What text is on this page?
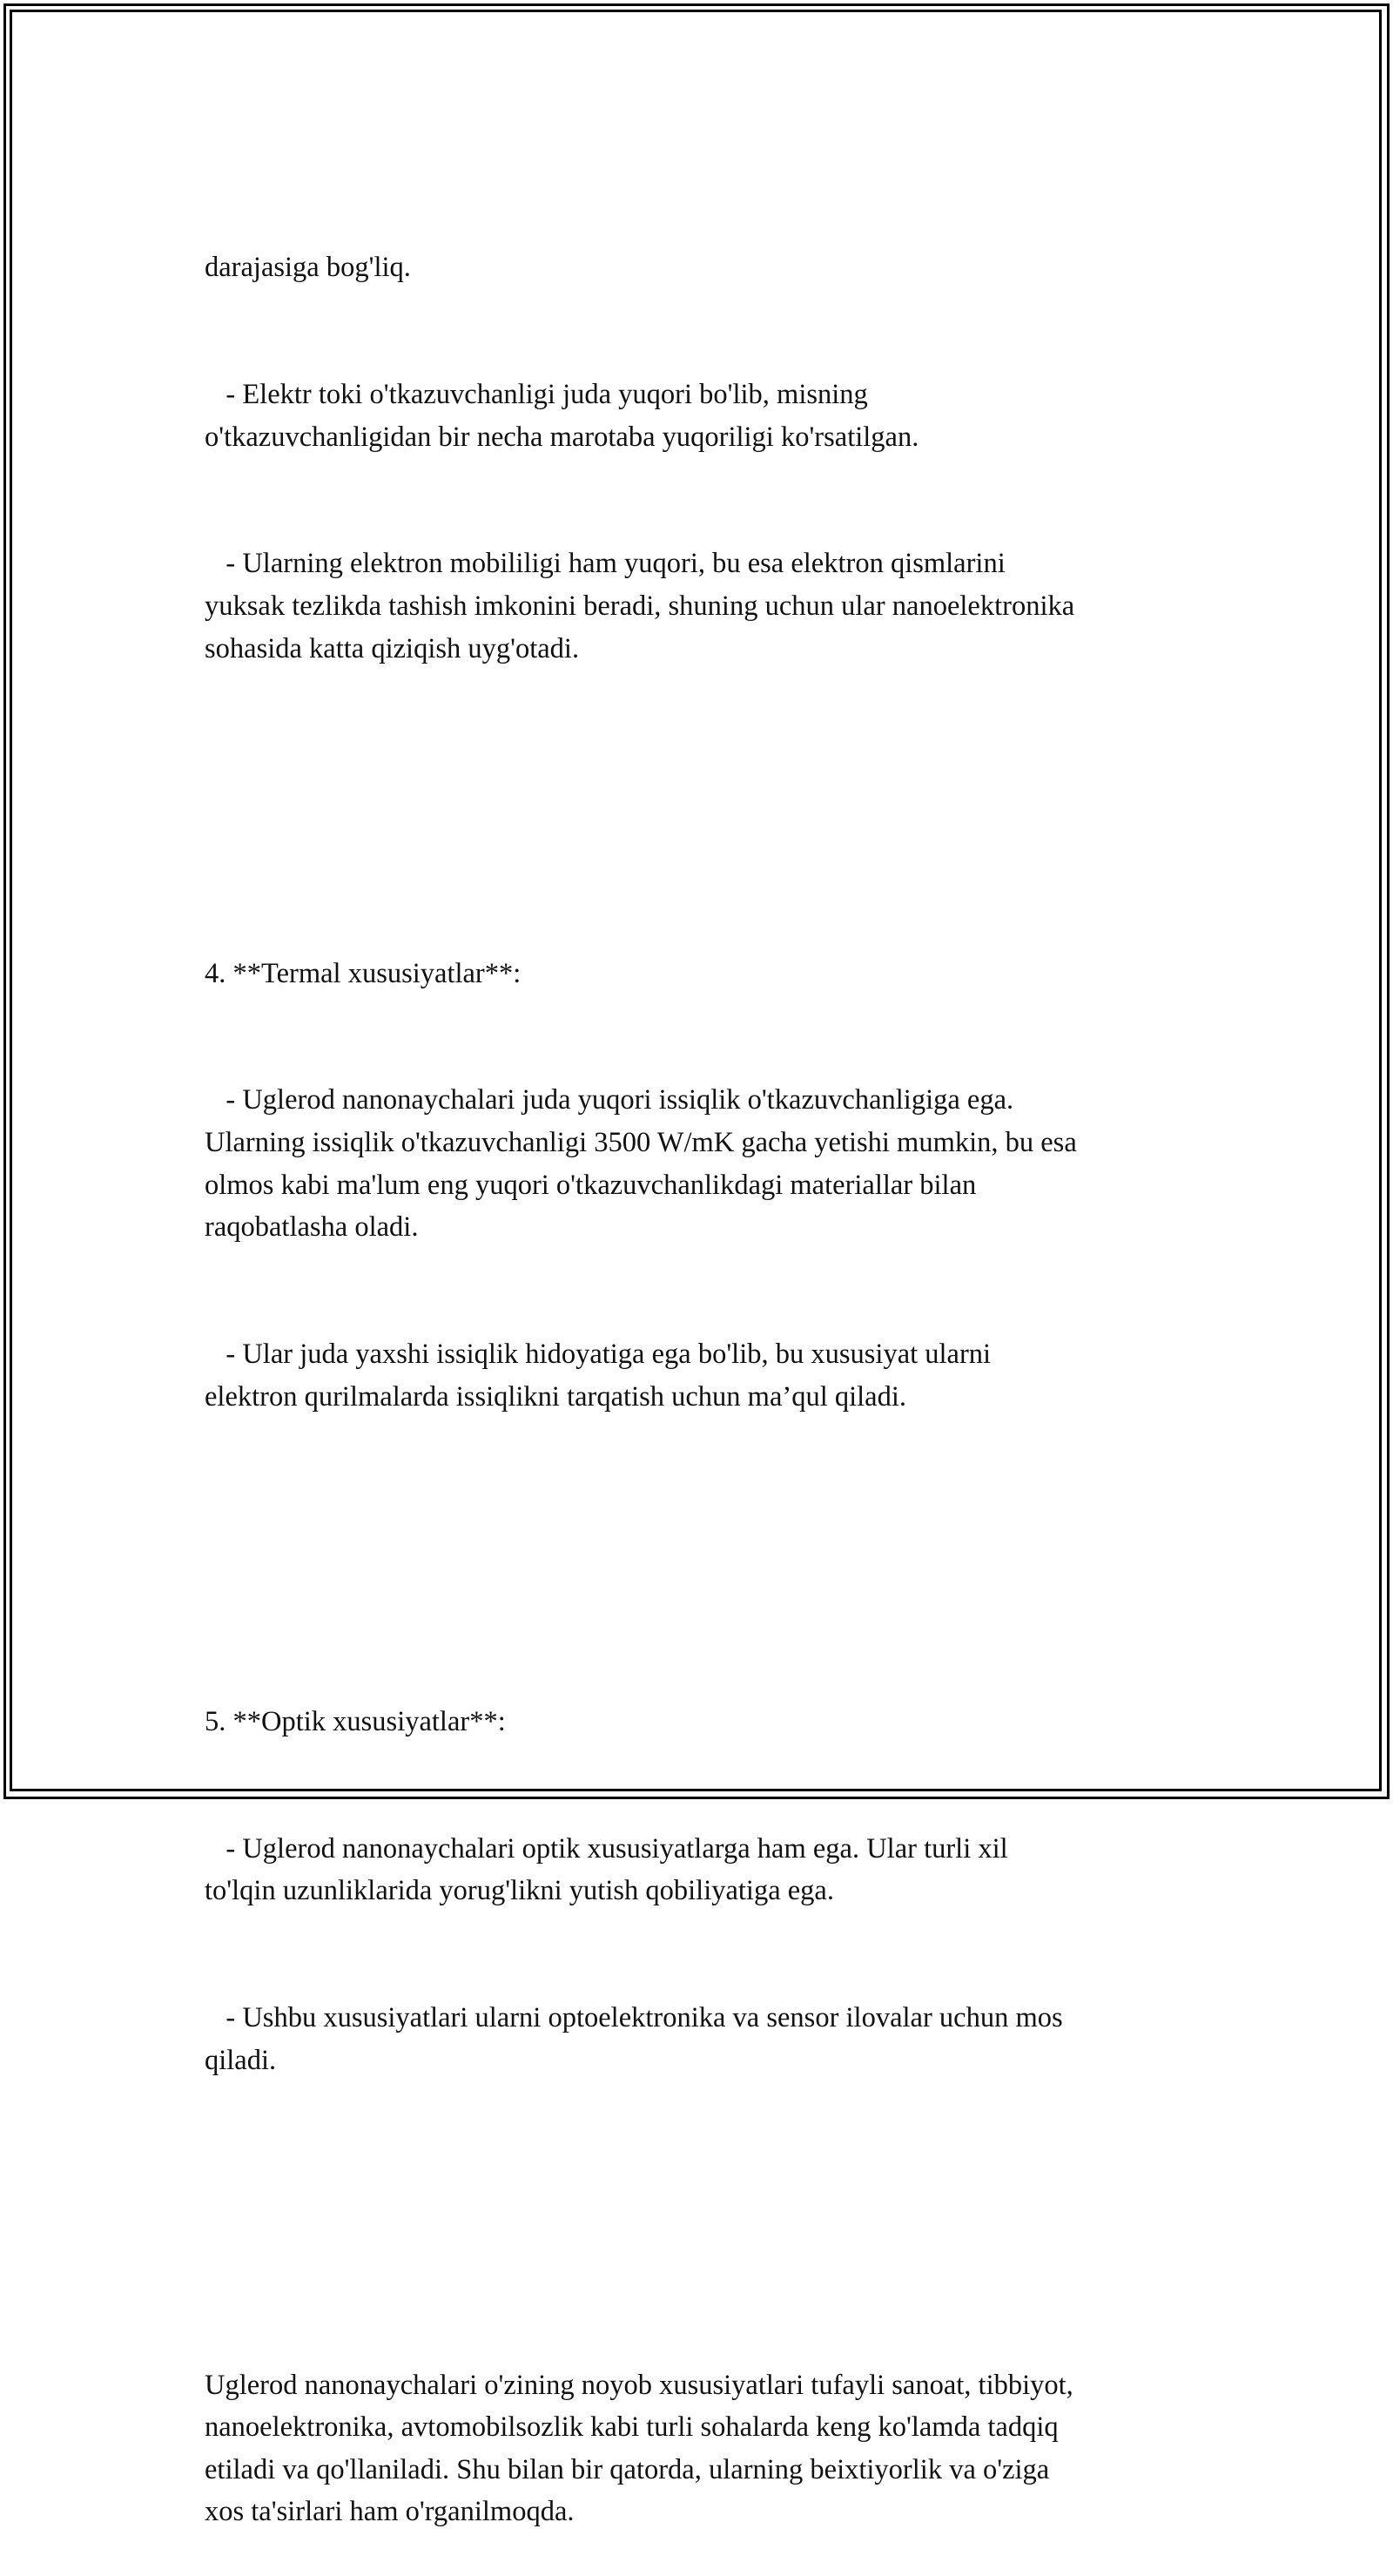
darajasiga bog'liq.

- Elektr toki o'tkazuvchanligi juda yuqori bo'lib, misning
o'tkazuvchanligidan bir necha marotaba yuqoriligi ko'rsatilgan.

- Ularning elektron mobililigi ham yuqori, bu esa elektron qismlarini
yuksak tezlikda tashish imkonini beradi, shuning uchun ular nanoelektronika
sohasida katta qiziqish uyg'otadi.

4. **Termal xususiyatlar**:

- Uglerod nanonaychalari juda yuqori issiqlik o'tkazuvchanligiga ega.
Ularning issiqlik o'tkazuvchanligi 3500 W/mK gacha yetishi mumkin, bu esa
olmos kabi ma'lum eng yuqori o'tkazuvchanlikdagi materiallar bilan
raqobatlasha oladi.

- Ular juda yaxshi issiqlik hidoyatiga ega bo'lib, bu xususiyat ularni
elektron qurilmalarda issiqlikni tarqatish uchun ma’qul qiladi.

5. **Optik xususiyatlar**:

- Uglerod nanonaychalari optik xususiyatlarga ham ega. Ular turli xil
to'lqin uzunliklarida yorug'likni yutish qobiliyatiga ega.

- Ushbu xususiyatlari ularni optoelektronika va sensor ilovalar uchun mos
qiladi.

Uglerod nanonaychalari o'zining noyob xususiyatlari tufayli sanoat, tibbiyot,
nanoelektronika, avtomobilsozlik kabi turli sohalarda keng ko'lamda tadqiq
etiladi va qo'llaniladi. Shu bilan bir qatorda, ularning beixtiyorlik va o'ziga
xos ta'sirlari ham o'rganilmoqda.
